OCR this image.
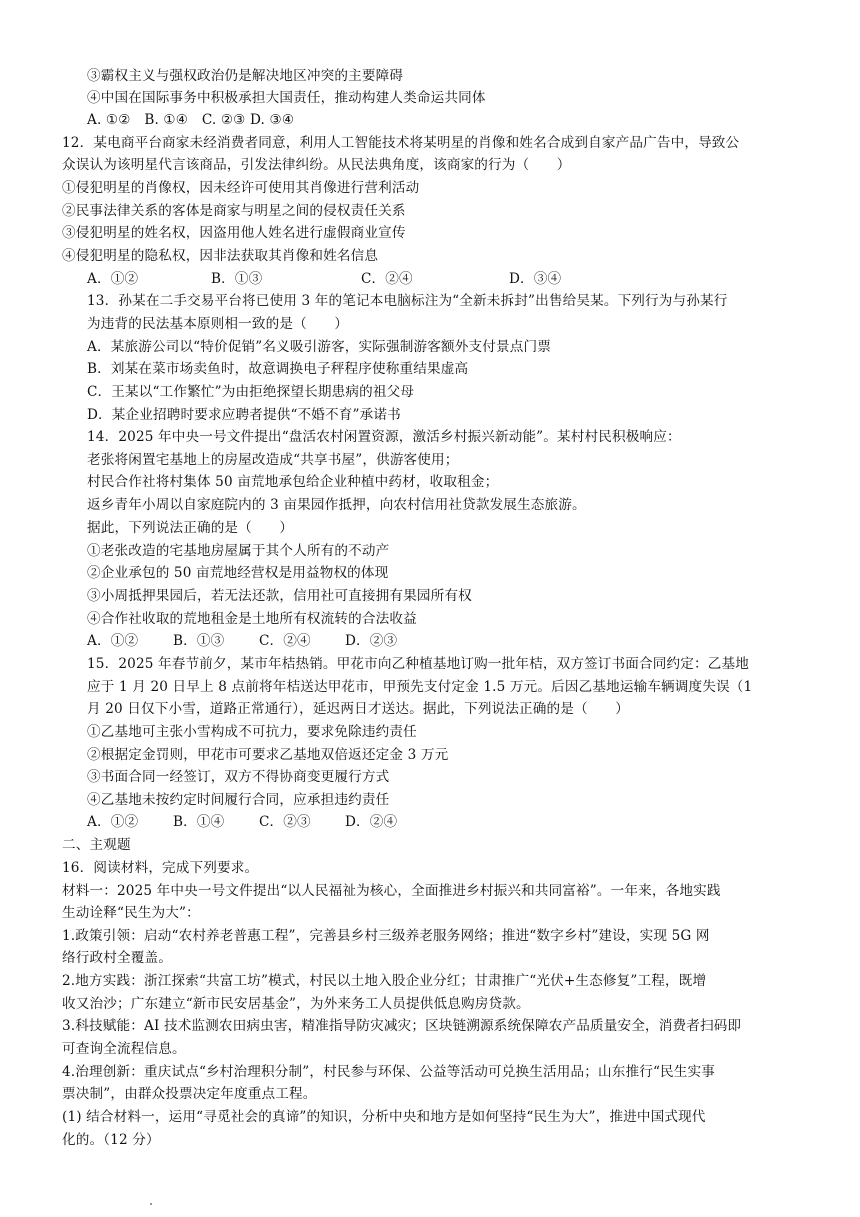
③霸权主义与强权政治仍是解决地区冲突的主要障碍
④中国在国际事务中积极承担大国责任，推动构建人类命运共同体
A. ①②　B. ①④　C. ②③ D. ③④
12．某电商平台商家未经消费者同意，利用人工智能技术将某明星的肖像和姓名合成到自家产品广告中，导致公
众误认为该明星代言该商品，引发法律纠纷。从民法典角度，该商家的行为（　　）
①侵犯明星的肖像权，因未经许可使用其肖像进行营利活动
②民事法律关系的客体是商家与明星之间的侵权责任关系
③侵犯明星的姓名权，因盗用他人姓名进行虚假商业宣传
④侵犯明星的隐私权，因非法获取其肖像和姓名信息
A．①②	B．①③	C．②④	D．③④
13．孙某在二手交易平台将已使用 3 年的笔记本电脑标注为“全新未拆封”出售给吴某。下列行为与孙某行
为违背的民法基本原则相一致的是（　　）
A．某旅游公司以“特价促销”名义吸引游客，实际强制游客额外支付景点门票
B．刘某在菜市场卖鱼时，故意调换电子秤程序使称重结果虚高
C．王某以“工作繁忙”为由拒绝探望长期患病的祖父母
D．某企业招聘时要求应聘者提供“不婚不育”承诺书
14．2025 年中央一号文件提出“盘活农村闲置资源，激活乡村振兴新动能”。某村村民积极响应：
老张将闲置宅基地上的房屋改造成“共享书屋”，供游客使用；
村民合作社将村集体 50 亩荒地承包给企业种植中药材，收取租金；
返乡青年小周以自家庭院内的 3 亩果园作抵押，向农村信用社贷款发展生态旅游。
据此，下列说法正确的是（　　）
①老张改造的宅基地房屋属于其个人所有的不动产
②企业承包的 50 亩荒地经营权是用益物权的体现
③小周抵押果园后，若无法还款，信用社可直接拥有果园所有权
④合作社收取的荒地租金是土地所有权流转的合法收益
A．①②	B．①③	C．②④	D．②③
15．2025 年春节前夕，某市年桔热销。甲花市向乙种植基地订购一批年桔，双方签订书面合同约定：乙基地
应于 1 月 20 日早上 8 点前将年桔送达甲花市，甲预先支付定金 1.5 万元。后因乙基地运输车辆调度失误（1
月 20 日仅下小雪，道路正常通行），延迟两日才送达。据此，下列说法正确的是（　　）
①乙基地可主张小雪构成不可抗力，要求免除违约责任
②根据定金罚则，甲花市可要求乙基地双倍返还定金 3 万元
③书面合同一经签订，双方不得协商变更履行方式
④乙基地未按约定时间履行合同，应承担违约责任
A．①②	B．①④	C．②③	D．②④
二、主观题
16．阅读材料，完成下列要求。
材料一：2025 年中央一号文件提出“以人民福祉为核心，全面推进乡村振兴和共同富裕”。一年来，各地实践
生动诠释“民生为大”：
1.政策引领：启动“农村养老普惠工程”，完善县乡村三级养老服务网络；推进“数字乡村”建设，实现 5G 网
络行政村全覆盖。
2.地方实践：浙江探索“共富工坊”模式，村民以土地入股企业分红；甘肃推广“光伏+生态修复”工程，既增
收又治沙；广东建立“新市民安居基金”，为外来务工人员提供低息购房贷款。
3.科技赋能：AI 技术监测农田病虫害，精准指导防灾减灾；区块链溯源系统保障农产品质量安全，消费者扫码即
可查询全流程信息。
4.治理创新：重庆试点“乡村治理积分制”，村民参与环保、公益等活动可兑换生活用品；山东推行“民生实事
票决制”，由群众投票决定年度重点工程。
(1) 结合材料一，运用“寻觅社会的真谛”的知识，分析中央和地方是如何坚持“民生为大”，推进中国式现代
化的。（12 分）
